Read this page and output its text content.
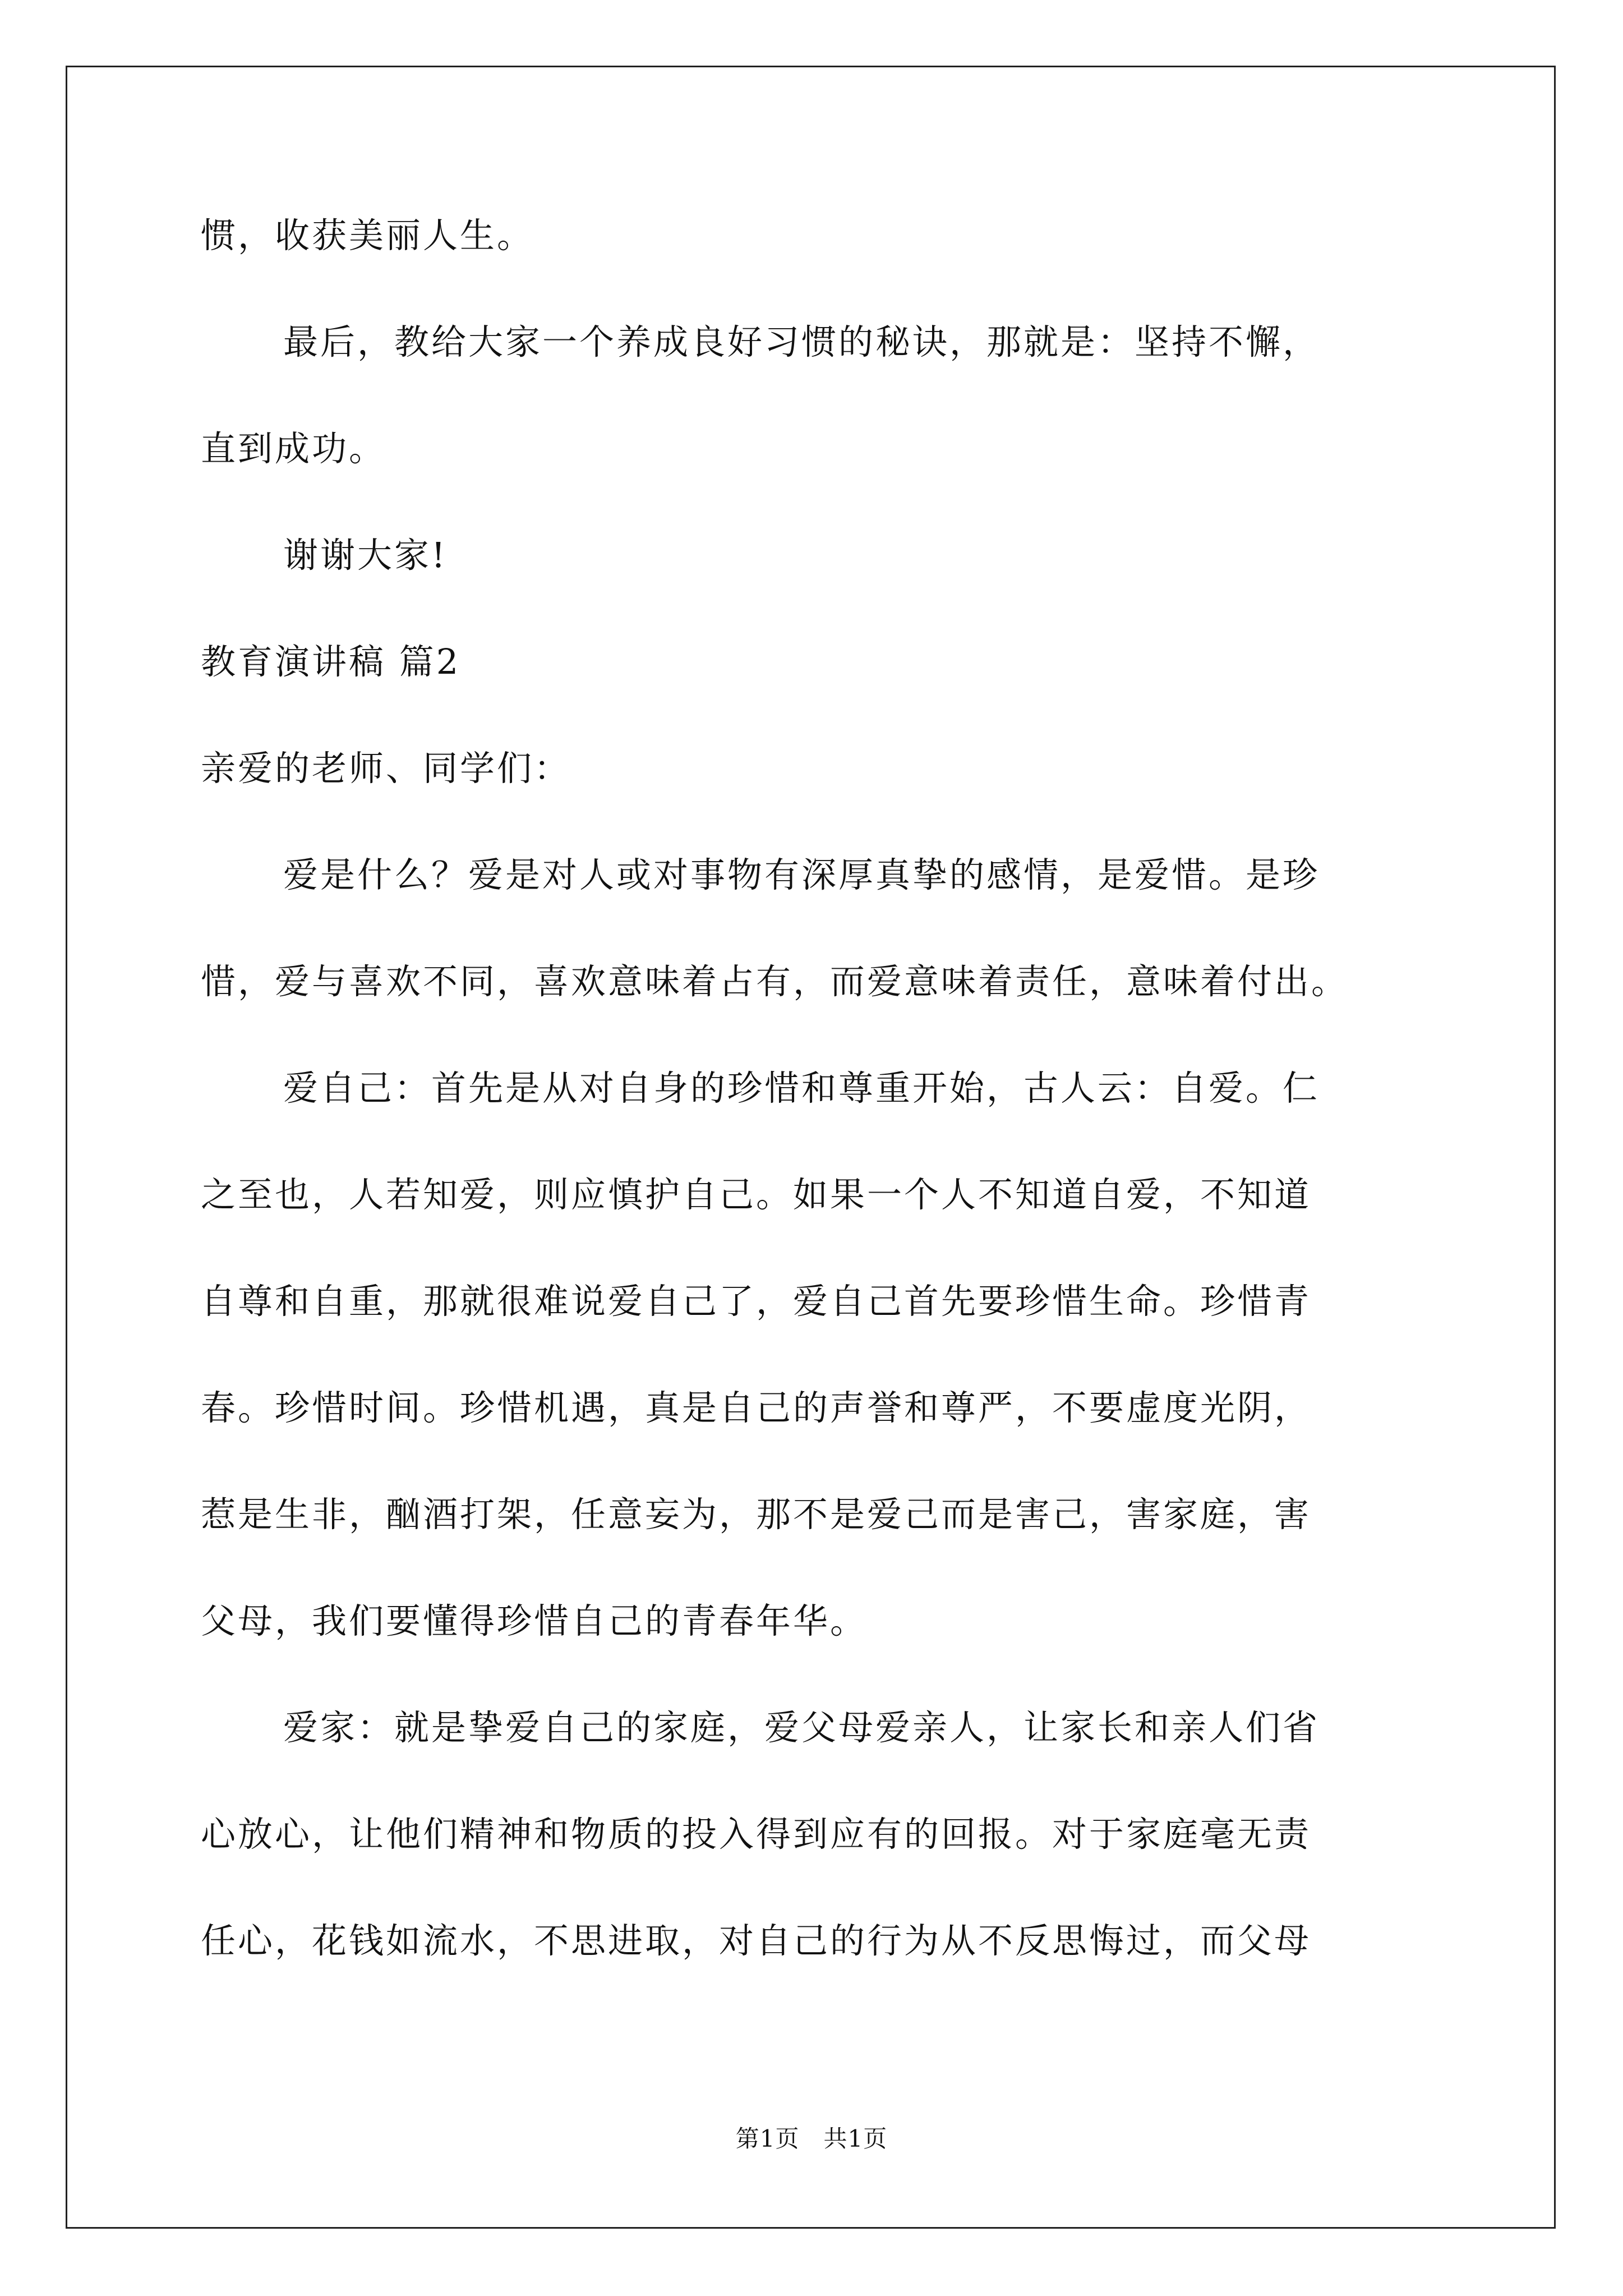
惯，收获美丽人生。
最后，教给大家一个养成良好习惯的秘诀，那就是：坚持不懈，
直到成功。
谢谢大家!
教育演讲稿 篇2
亲爱的老师、同学们：
爱是什么？爱是对人或对事物有深厚真挚的感情，是爱惜。是珍
惜，爱与喜欢不同，喜欢意味着占有，而爱意味着责任，意味着付出。
爱自己：首先是从对自身的珍惜和尊重开始，古人云：自爱。仁
之至也，人若知爱，则应慎护自己。如果一个人不知道自爱，不知道
自尊和自重，那就很难说爱自己了，爱自己首先要珍惜生命。珍惜青
春。珍惜时间。珍惜机遇，真是自己的声誉和尊严，不要虚度光阴，
惹是生非，酗酒打架，任意妄为，那不是爱己而是害己，害家庭，害
父母，我们要懂得珍惜自己的青春年华。
爱家：就是挚爱自己的家庭，爱父母爱亲人，让家长和亲人们省
心放心，让他们精神和物质的投入得到应有的回报。对于家庭毫无责
任心，花钱如流水，不思进取，对自己的行为从不反思悔过，而父母
第1页　共1页
